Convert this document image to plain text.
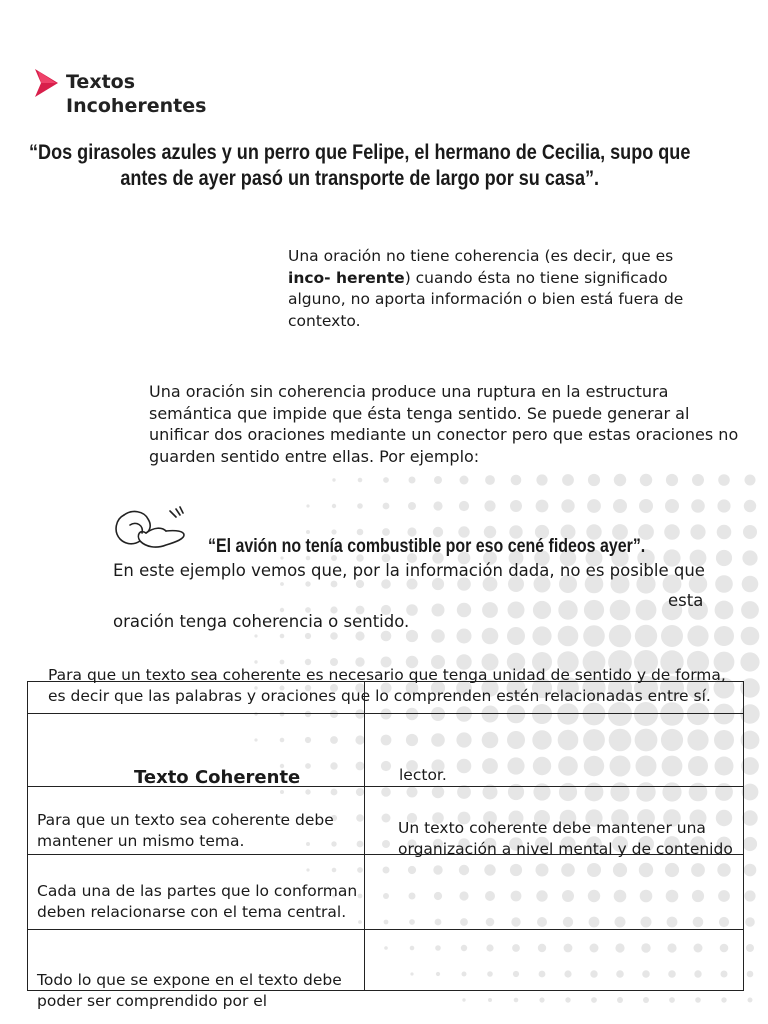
Textos
Incoherentes
“Dos girasoles azules y un perro que Felipe, el hermano de Cecilia, supo que
antes de ayer pasó un transporte de largo por su casa”.
Una oración no tiene coherencia (es decir, que es inco- herente) cuando ésta no tiene significado alguno, no aporta información o bien está fuera de contexto.
Una oración sin coherencia produce una ruptura en la estructura semántica que impide que ésta tenga sentido. Se puede generar al unificar dos oraciones mediante un conector pero que estas oraciones no guarden sentido entre ellas. Por ejemplo:
“El avión no tenía combustible por eso cené fideos ayer”.
En este ejemplo vemos que, por la información dada, no es posible que
esta
oración tenga coherencia o sentido.
Para que un texto sea coherente es necesario que tenga unidad de sentido y de forma, es decir que las palabras y oraciones que lo comprenden estén relacionadas entre sí.
Texto Coherente	lector.
Para que un texto sea coherente debe mantener un mismo tema.
Un texto coherente debe mantener una organización a nivel mental y de contenido
Cada una de las partes que lo conforman deben relacionarse con el tema central.
Todo lo que se expone en el texto debe poder ser comprendido por el
